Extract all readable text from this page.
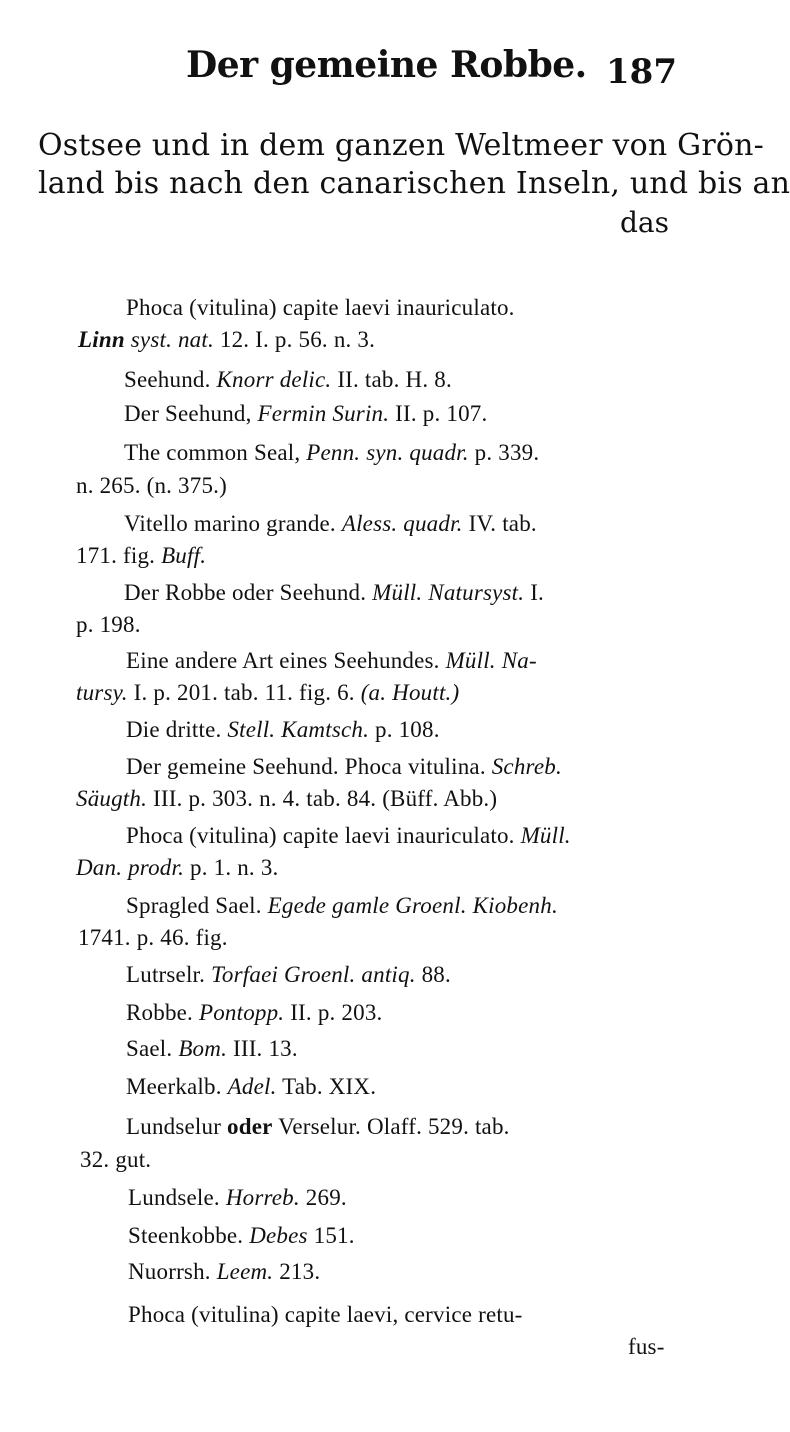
Der gemeine Robbe. 187
Ostsee und in dem ganzen Weltmeer von Grön-
land bis nach den canarischen Inseln, und bis an
das
Phoca (vitulina) capite laevi inauriculato.
Linn syst. nat. 12. I. p. 56. n. 3.
Seehund. Knorr delic. II. tab. H. 8.
Der Seehund, Fermin Surin. II. p. 107.
The common Seal, Penn. syn. quadr. p. 339.
n. 265. (n. 375.)
Vitello marino grande. Aless. quadr. IV. tab.
171. fig. Buff.
Der Robbe oder Seehund. Müll. Natursyst. I.
p. 198.
Eine andere Art eines Seehundes. Müll. Na-
tursy. I. p. 201. tab. 11. fig. 6. (a. Houtt.)
Die dritte. Stell. Kamtsch. p. 108.
Der gemeine Seehund. Phoca vitulina. Schreb.
Säugth. III. p. 303. n. 4. tab. 84. (Büff. Abb.)
Phoca (vitulina) capite laevi inauriculato. Müll.
Dan. prodr. p. 1. n. 3.
Spragled Sael. Egede gamle Groenl. Kiobenh.
1741. p. 46. fig.
Lutrselr. Torfaei Groenl. antiq. 88.
Robbe. Pontopp. II. p. 203.
Sael. Bom. III. 13.
Meerkalb. Adel. Tab. XIX.
Lundselur oder Verselur. Olaff. 529. tab.
32. gut.
Lundsele. Horreb. 269.
Steenkobbe. Debes 151.
Nuorrsh. Leem. 213.
Phoca (vitulina) capite laevi, cervice retu-
fus-
